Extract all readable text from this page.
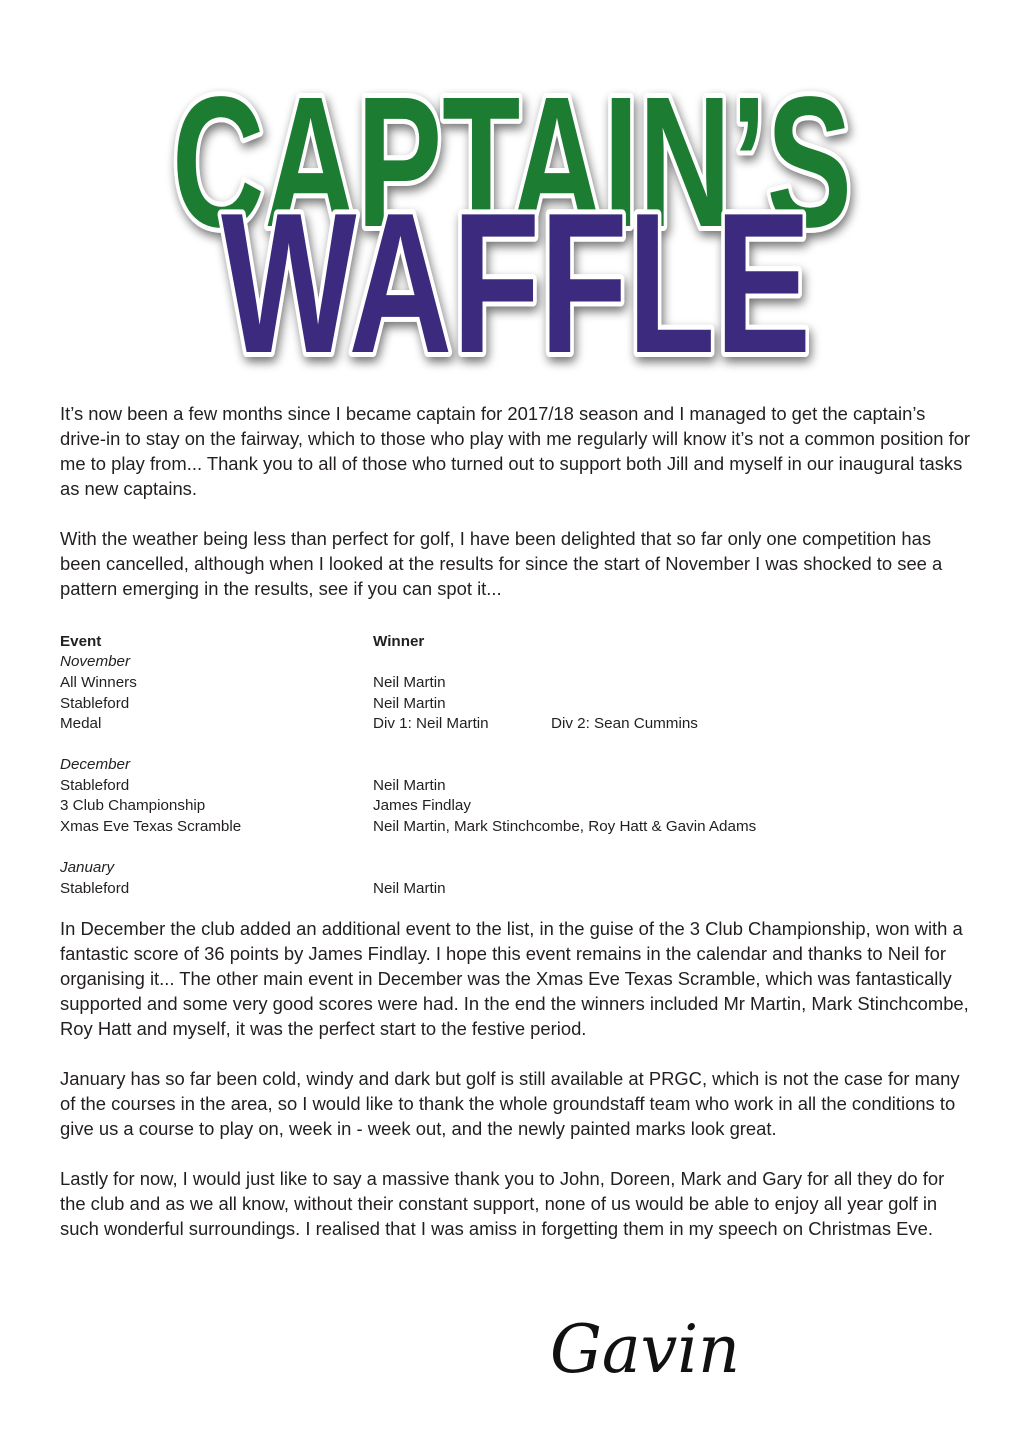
CAPTAIN’S
WAFFLE

It’s now been a few months since I became captain for 2017/18 season and I managed to get the captain’s drive-in to stay on the fairway, which to those who play with me regularly will know it’s not a common position for me to play from... Thank you to all of those who turned out to support both Jill and myself in our inaugural tasks as new captains.

With the weather being less than perfect for golf, I have been delighted that so far only one competition has been cancelled, although when I looked at the results for since the start of November I was shocked to see a pattern emerging in the results, see if you can spot it...

Event	Winner
November
All Winners	Neil Martin
Stableford	Neil Martin
Medal	Div 1: Neil Martin	Div 2: Sean Cummins
December
Stableford	Neil Martin
3 Club Championship	James Findlay
Xmas Eve Texas Scramble	Neil Martin, Mark Stinchcombe, Roy Hatt & Gavin Adams
January
Stableford	Neil Martin

In December the club added an additional event to the list, in the guise of the 3 Club Championship, won with a fantastic score of 36 points by James Findlay. I hope this event remains in the calendar and thanks to Neil for organising it... The other main event in December was the Xmas Eve Texas Scramble, which was fantastically supported and some very good scores were had. In the end the winners included Mr Martin, Mark Stinchcombe, Roy Hatt and myself, it was the perfect start to the festive period.

January has so far been cold, windy and dark but golf is still available at PRGC, which is not the case for many of the courses in the area, so I would like to thank the whole groundstaff team who work in all the conditions to give us a course to play on, week in - week out, and the newly painted marks look great.

Lastly for now, I would just like to say a massive thank you to John, Doreen, Mark and Gary for all they do for the club and as we all know, without their constant support, none of us would be able to enjoy all year golf in such wonderful surroundings. I realised that I was amiss in forgetting them in my speech on Christmas Eve.

Gavin
